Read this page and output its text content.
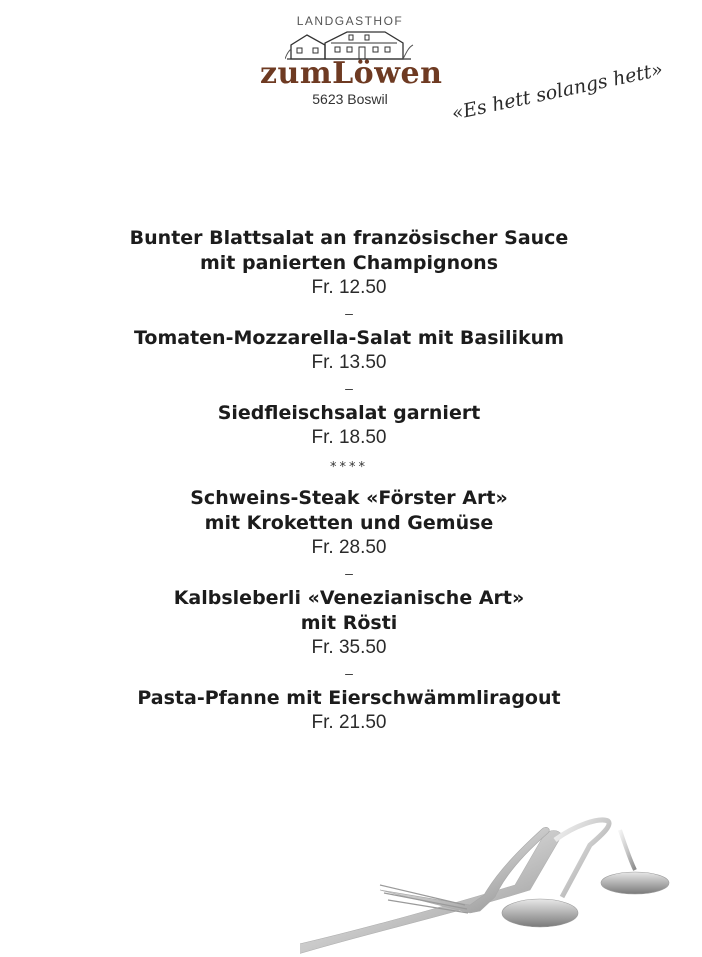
LANDGASTHOF
zumLöwen
5623 Boswil	«Es hett solangs hett»
Bunter Blattsalat an französischer Sauce
mit panierten Champignons
Fr. 12.50
–
Tomaten-Mozzarella-Salat mit Basilikum
Fr. 13.50
–
Siedfleischsalat garniert
Fr. 18.50
****
Schweins-Steak «Förster Art»
mit Kroketten und Gemüse
Fr. 28.50
–
Kalbsleberli «Venezianische Art»
mit Rösti
Fr. 35.50
–
Pasta-Pfanne mit Eierschwämmliragout
Fr. 21.50
